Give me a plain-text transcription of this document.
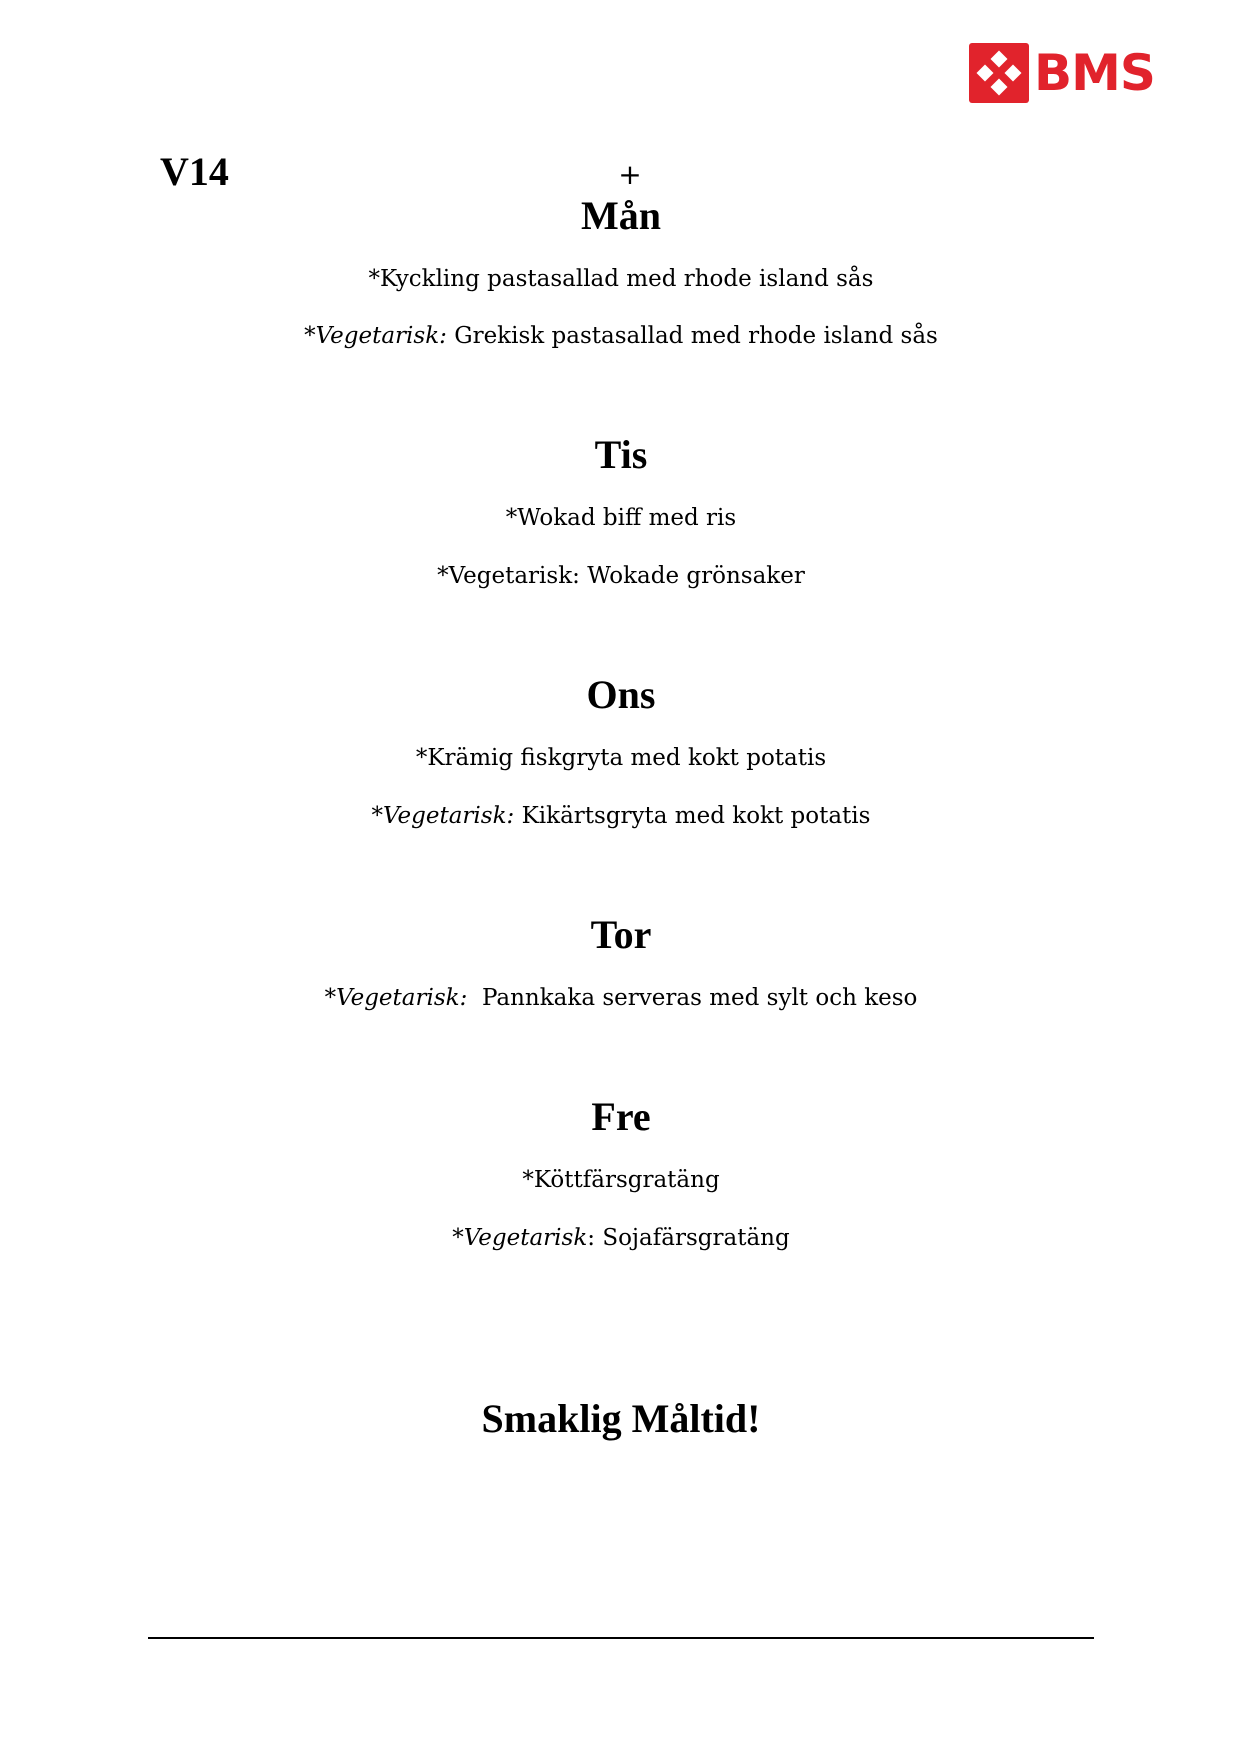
BMS
V14	+
Mån
*Kyckling pastasallad med rhode island sås
*Vegetarisk: Grekisk pastasallad med rhode island sås
Tis
*Wokad biff med ris
*Vegetarisk: Wokade grönsaker
Ons
*Krämig fiskgryta med kokt potatis
*Vegetarisk: Kikärtsgryta med kokt potatis
Tor
*Vegetarisk:  Pannkaka serveras med sylt och keso
Fre
*Köttfärsgratäng
*Vegetarisk: Sojafärsgratäng
Smaklig Måltid!
